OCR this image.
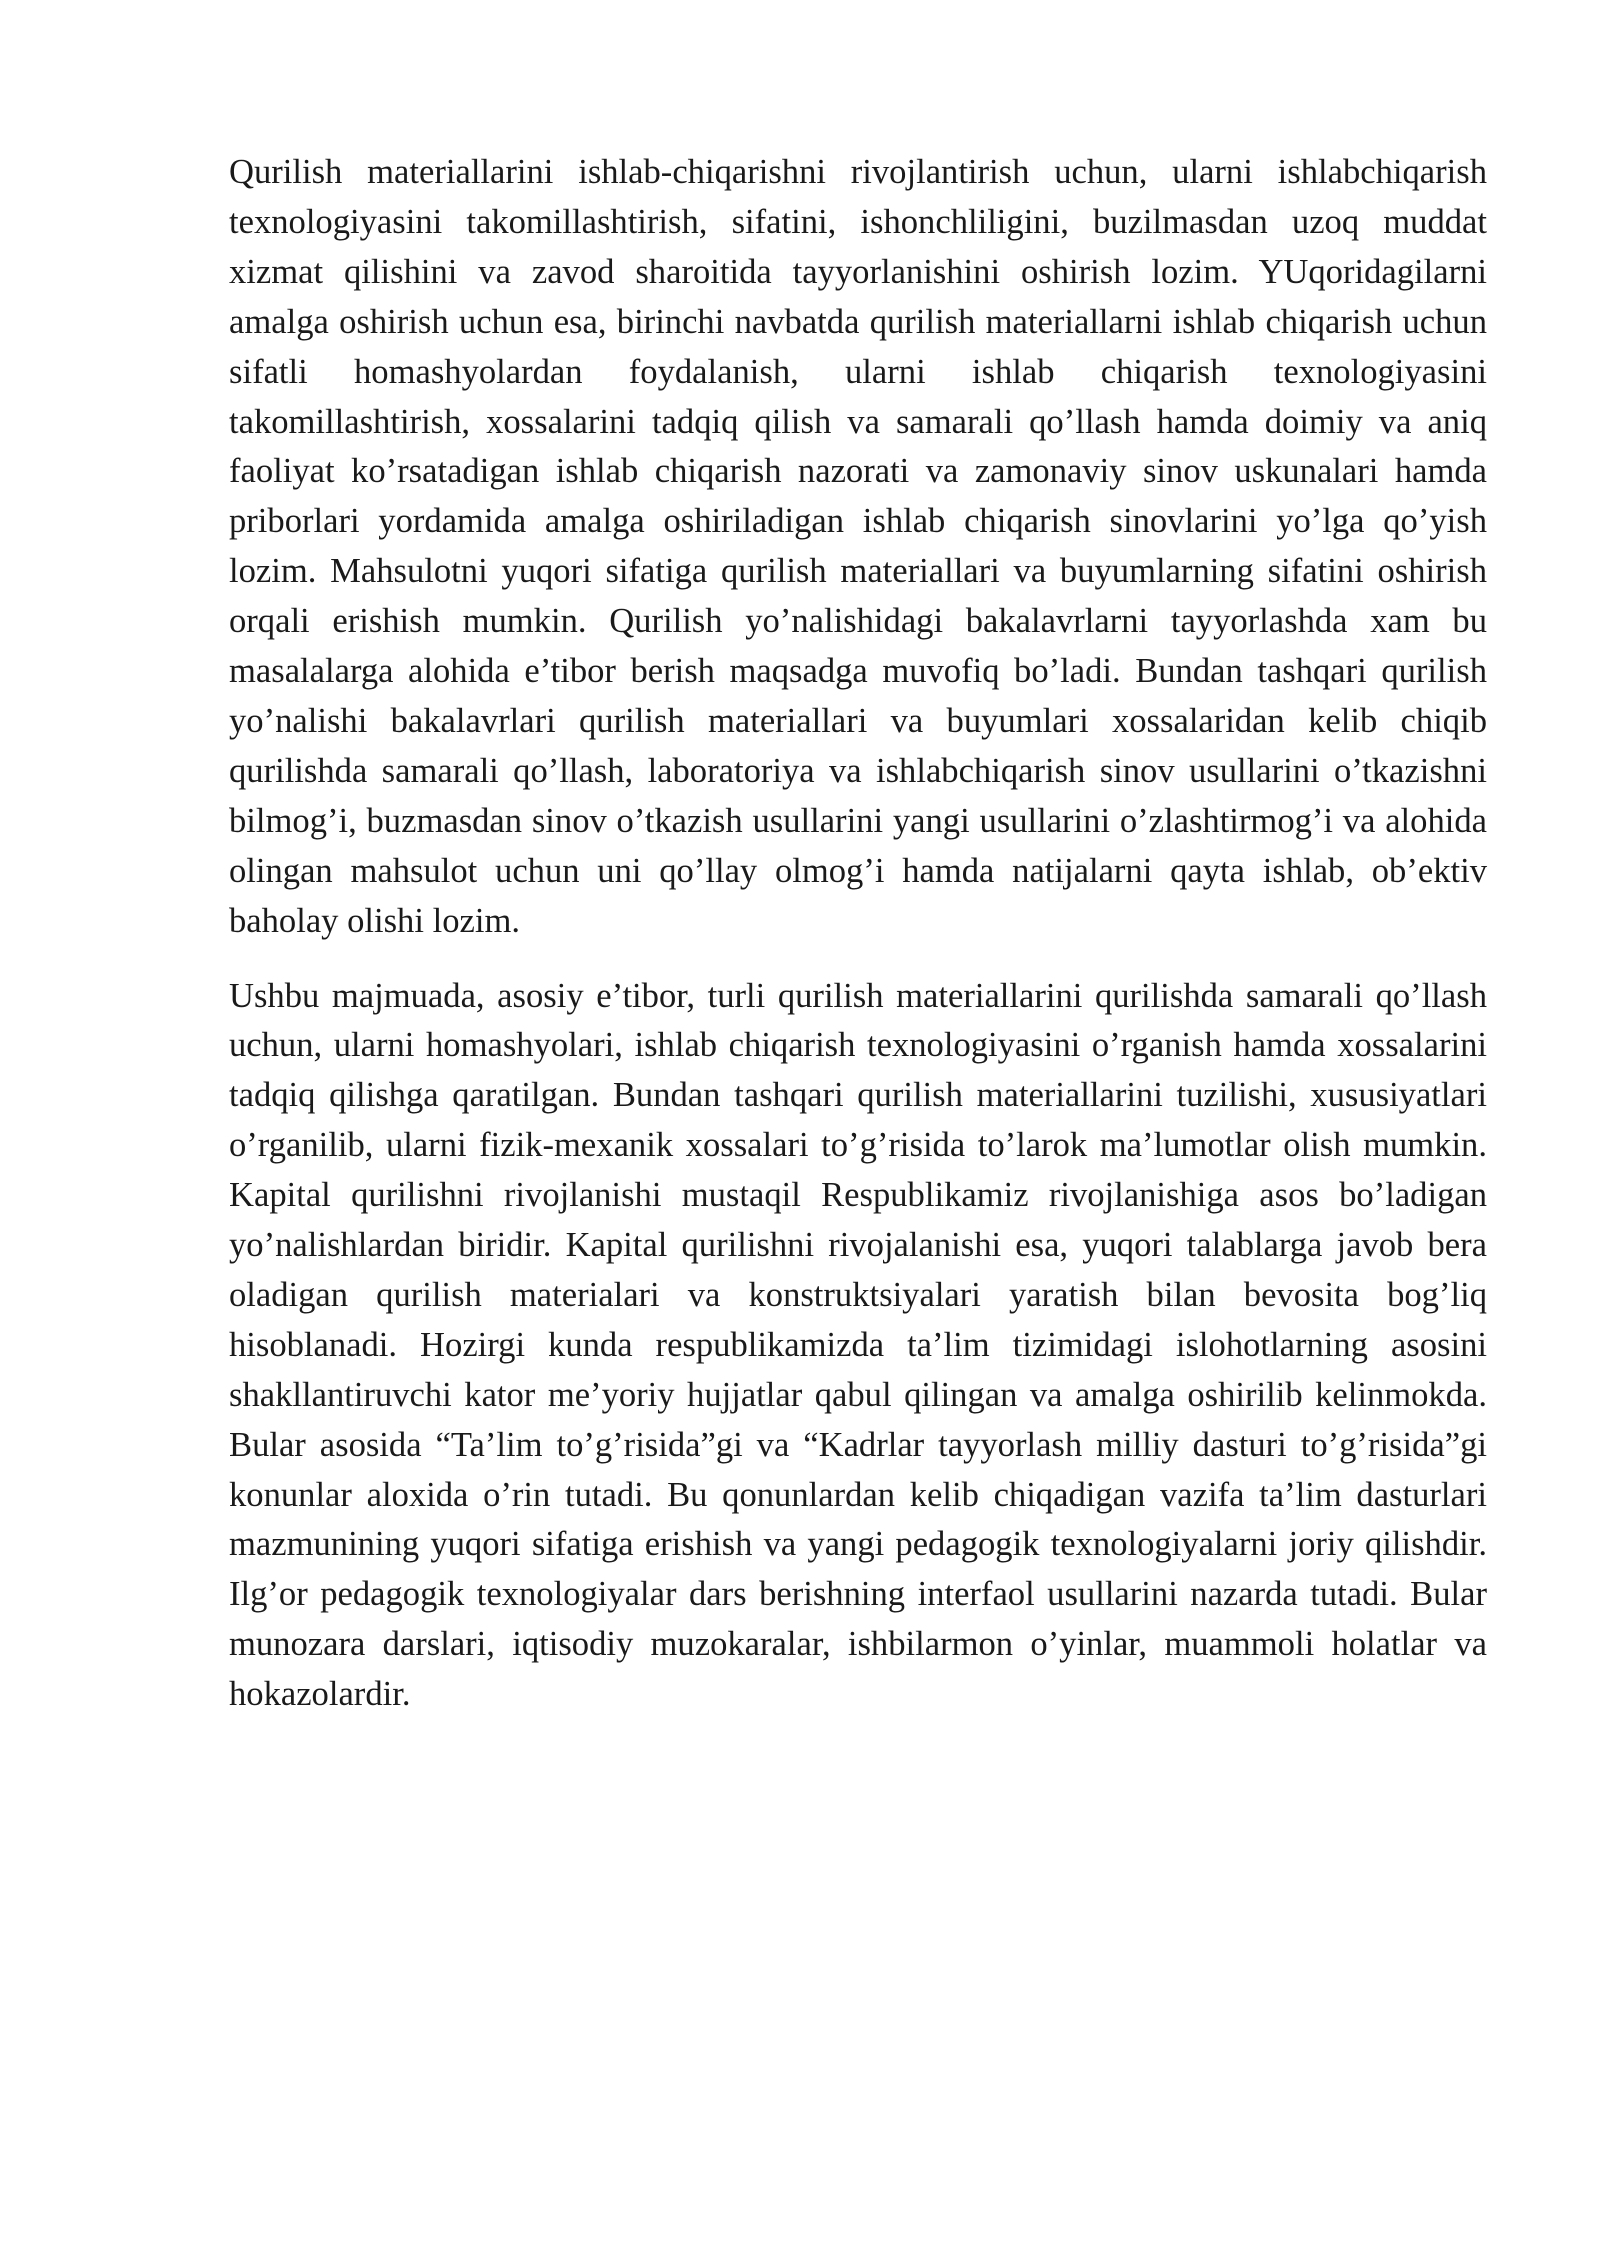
Qurilish materiallarini ishlab-chiqarishni rivojlantirish uchun, ularni ishlabchiqarish texnologiyasini takomillashtirish, sifatini, ishonchliligini, buzilmasdan uzoq muddat xizmat qilishini va zavod sharoitida tayyorlanishini oshirish lozim. YUqoridagilarni amalga oshirish uchun esa, birinchi navbatda qurilish materiallarni ishlab chiqarish uchun sifatli homashyolardan foydalanish, ularni ishlab chiqarish texnologiyasini takomillashtirish, xossalarini tadqiq qilish va samarali qo’llash hamda doimiy va aniq faoliyat ko’rsatadigan ishlab chiqarish nazorati va zamonaviy sinov uskunalari hamda priborlari yordamida amalga oshiriladigan ishlab chiqarish sinovlarini yo’lga qo’yish lozim. Mahsulotni yuqori sifatiga qurilish materiallari va buyumlarning sifatini oshirish orqali erishish mumkin. Qurilish yo’nalishidagi bakalavrlarni tayyorlashda xam bu masalalarga alohida e’tibor berish maqsadga muvofiq bo’ladi. Bundan tashqari qurilish yo’nalishi bakalavrlari qurilish materiallari va buyumlari xossalaridan kelib chiqib qurilishda samarali qo’llash, laboratoriya va ishlabchiqarish sinov usullarini o’tkazishni bilmog’i, buzmasdan sinov o’tkazish usullarini yangi usullarini o’zlashtirmog’i va alohida olingan mahsulot uchun uni qo’llay olmog’i hamda natijalarni qayta ishlab, ob’ektiv baholay olishi lozim.

Ushbu majmuada, asosiy e’tibor, turli qurilish materiallarini qurilishda samarali qo’llash uchun, ularni homashyolari, ishlab chiqarish texnologiyasini o’rganish hamda xossalarini tadqiq qilishga qaratilgan. Bundan tashqari qurilish materiallarini tuzilishi, xususiyatlari o’rganilib, ularni fizik-mexanik xossalari to’g’risida to’larok ma’lumotlar olish mumkin. Kapital qurilishni rivojlanishi mustaqil Respublikamiz rivojlanishiga asos bo’ladigan yo’nalishlardan biridir. Kapital qurilishni rivojalanishi esa, yuqori talablarga javob bera oladigan qurilish materialari va konstruktsiyalari yaratish bilan bevosita bog’liq hisoblanadi. Hozirgi kunda respublikamizda ta’lim tizimidagi islohotlarning asosini shakllantiruvchi kator me’yoriy hujjatlar qabul qilingan va amalga oshirilib kelinmokda. Bular asosida “Ta’lim to’g’risida”gi va “Kadrlar tayyorlash milliy dasturi to’g’risida”gi konunlar aloxida o’rin tutadi. Bu qonunlardan kelib chiqadigan vazifa ta’lim dasturlari mazmunining yuqori sifatiga erishish va yangi pedagogik texnologiyalarni joriy qilishdir. Ilg’or pedagogik texnologiyalar dars berishning interfaol usullarini nazarda tutadi. Bular munozara darslari, iqtisodiy muzokaralar, ishbilarmon o’yinlar, muammoli holatlar va hokazolardir.
